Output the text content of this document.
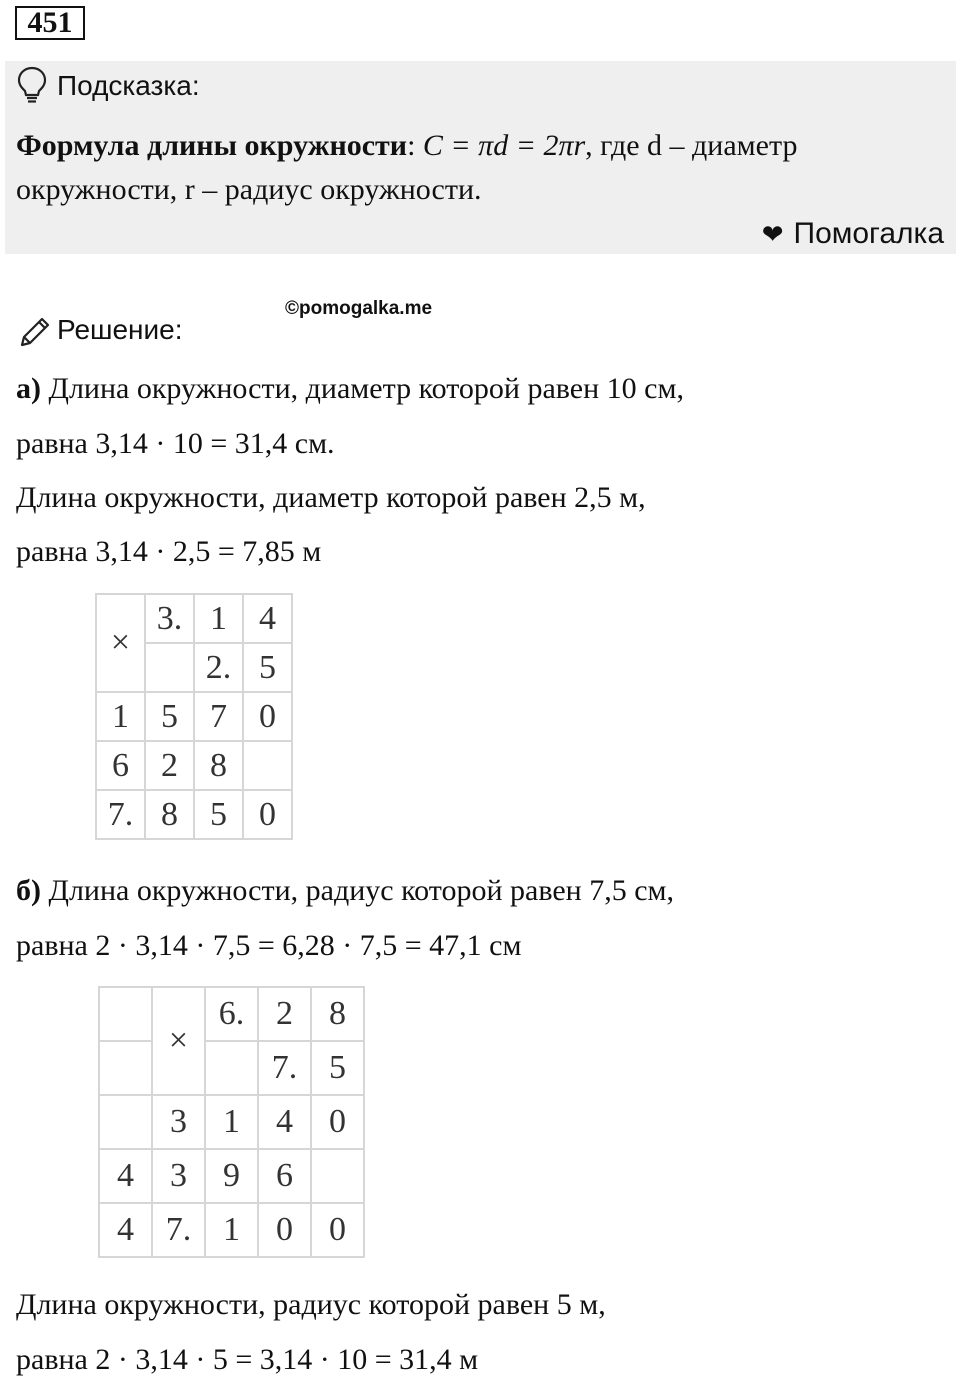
451
Подсказка:
Формула длины окружности: C = πd = 2πr, где d – диаметр
окружности, r – радиус окружности.
❤ Помогалка
©pomogalka.me
Решение:
а) Длина окружности, диаметр которой равен 10 см,
равна 3,14 · 10 = 31,4 см.
Длина окружности, диаметр которой равен 2,5 м,
равна 3,14 · 2,5 = 7,85 м
×	3.	1	4
		2.	5
1	5	7	0
6	2	8	
7.	8	5	0
б) Длина окружности, радиус которой равен 7,5 см,
равна 2 · 3,14 · 7,5 = 6,28 · 7,5 = 47,1 см
	×	6.	2	8
			7.	5
	3	1	4	0
4	3	9	6	
4	7.	1	0	0
Длина окружности, радиус которой равен 5 м,
равна 2 · 3,14 · 5 = 3,14 · 10 = 31,4 м
